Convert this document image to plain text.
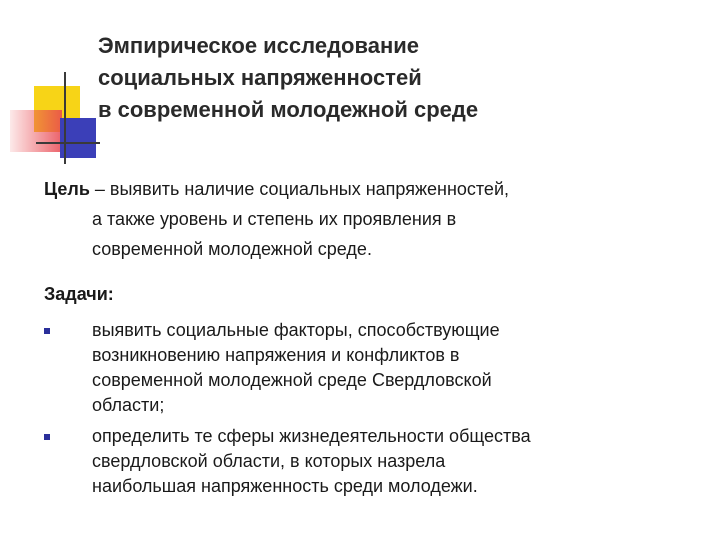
Эмпирическое исследование
социальных напряженностей
в современной молодежной среде
Цель – выявить наличие социальных напряженностей,
а также уровень и степень их проявления в
современной молодежной среде.
Задачи:
выявить социальные факторы, способствующие
возникновению напряжения и конфликтов в
современной молодежной среде Свердловской
области;
определить те сферы жизнедеятельности общества
свердловской области, в которых назрела
наибольшая напряженность среди молодежи.
